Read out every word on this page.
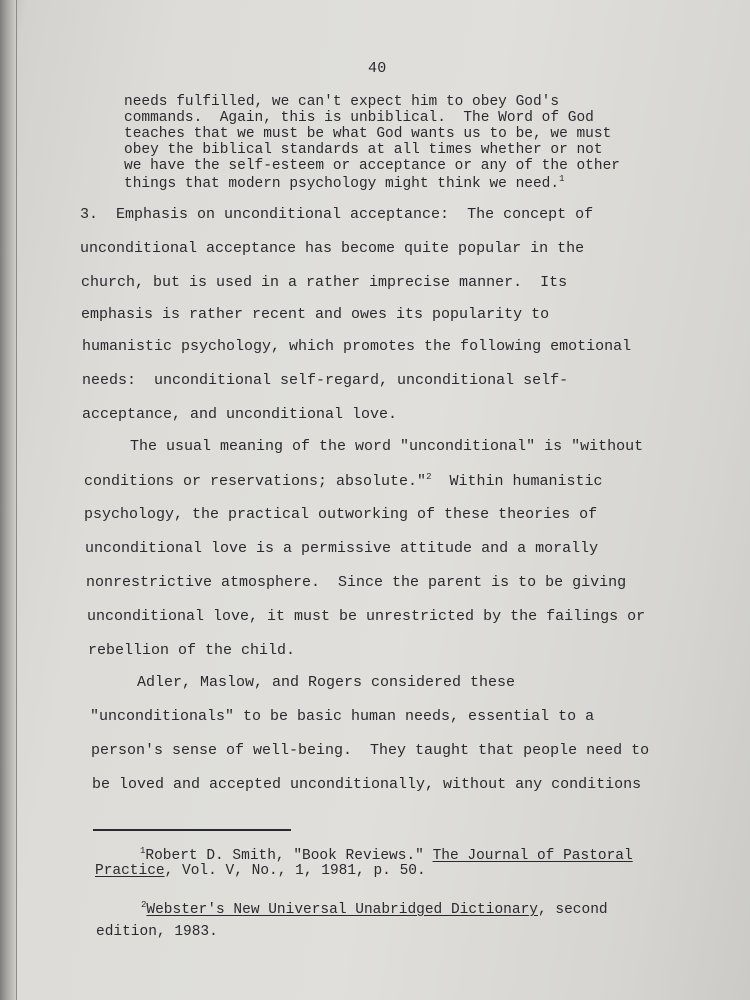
40
needs fulfilled, we can't expect him to obey God's
commands.  Again, this is unbiblical.  The Word of God
teaches that we must be what God wants us to be, we must
obey the biblical standards at all times whether or not
we have the self-esteem or acceptance or any of the other
things that modern psychology might think we need.$^1$
3.  Emphasis on unconditional acceptance:  The concept of
unconditional acceptance has become quite popular in the
church, but is used in a rather imprecise manner.  Its
emphasis is rather recent and owes its popularity to
humanistic psychology, which promotes the following emotional
needs:  unconditional self-regard, unconditional self-
acceptance, and unconditional love.
The usual meaning of the word "unconditional" is "without
conditions or reservations; absolute."$^2$  Within humanistic
psychology, the practical outworking of these theories of
unconditional love is a permissive attitude and a morally
nonrestrictive atmosphere.  Since the parent is to be giving
unconditional love, it must be unrestricted by the failings or
rebellion of the child.
Adler, Maslow, and Rogers considered these
"unconditionals" to be basic human needs, essential to a
person's sense of well-being.  They taught that people need to
be loved and accepted unconditionally, without any conditions
$^1$Robert D. Smith, "Book Reviews." The Journal of Pastoral
Practice, Vol. V, No., 1, 1981, p. 50.
$^2$Webster's New Universal Unabridged Dictionary, second
edition, 1983.
